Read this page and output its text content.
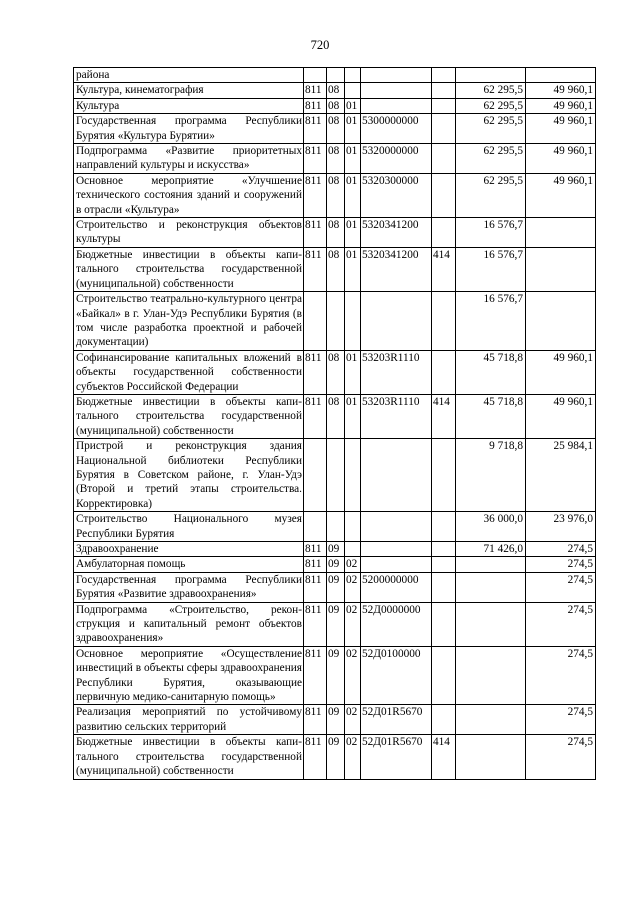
720
района							
Культура, кинематография	811	08				62 295,5	49 960,1
Культура	811	08	01			62 295,5	49 960,1
Государственная программа Республики Бурятия «Культура Бурятии»	811	08	01	5300000000		62 295,5	49 960,1
Подпрограмма «Развитие приоритетных направлений культуры и искусства»	811	08	01	5320000000		62 295,5	49 960,1
Основное мероприятие «Улучшение технического состояния зданий и сооружений в отрасли «Культура»	811	08	01	5320300000		62 295,5	49 960,1
Строительство и реконструкция объектов культуры	811	08	01	5320341200		16 576,7	
Бюджетные инвестиции в объекты капитального строительства государственной (муниципальной) собственности	811	08	01	5320341200	414	16 576,7	
Строительство театрально-культурного центра «Байкал» в г. Улан-Удэ Республики Бурятия (в том числе разработка проектной и рабочей документации)						16 576,7	
Софинансирование капитальных вложений в объекты государственной собственности субъектов Российской Федерации	811	08	01	53203R1110		45 718,8	49 960,1
Бюджетные инвестиции в объекты капитального строительства государственной (муниципальной) собственности	811	08	01	53203R1110	414	45 718,8	49 960,1
Пристрой и реконструкция здания Национальной библиотеки Республики Бурятия в Советском районе, г. Улан-Удэ (Второй и третий этапы строительства. Корректировка)						9 718,8	25 984,1
Строительство Национального музея Республики Бурятия						36 000,0	23 976,0
Здравоохранение	811	09				71 426,0	274,5
Амбулаторная помощь	811	09	02				274,5
Государственная программа Республики Бурятия «Развитие здравоохранения»	811	09	02	5200000000			274,5
Подпрограмма «Строительство, реконструкция и капитальный ремонт объектов здравоохранения»	811	09	02	52Д0000000			274,5
Основное мероприятие «Осуществление инвестиций в объекты сферы здравоохранения Республики Бурятия, оказывающие первичную медико-санитарную помощь»	811	09	02	52Д0100000			274,5
Реализация мероприятий по устойчивому развитию сельских территорий	811	09	02	52Д01R5670			274,5
Бюджетные инвестиции в объекты капитального строительства государственной (муниципальной) собственности	811	09	02	52Д01R5670	414		274,5
